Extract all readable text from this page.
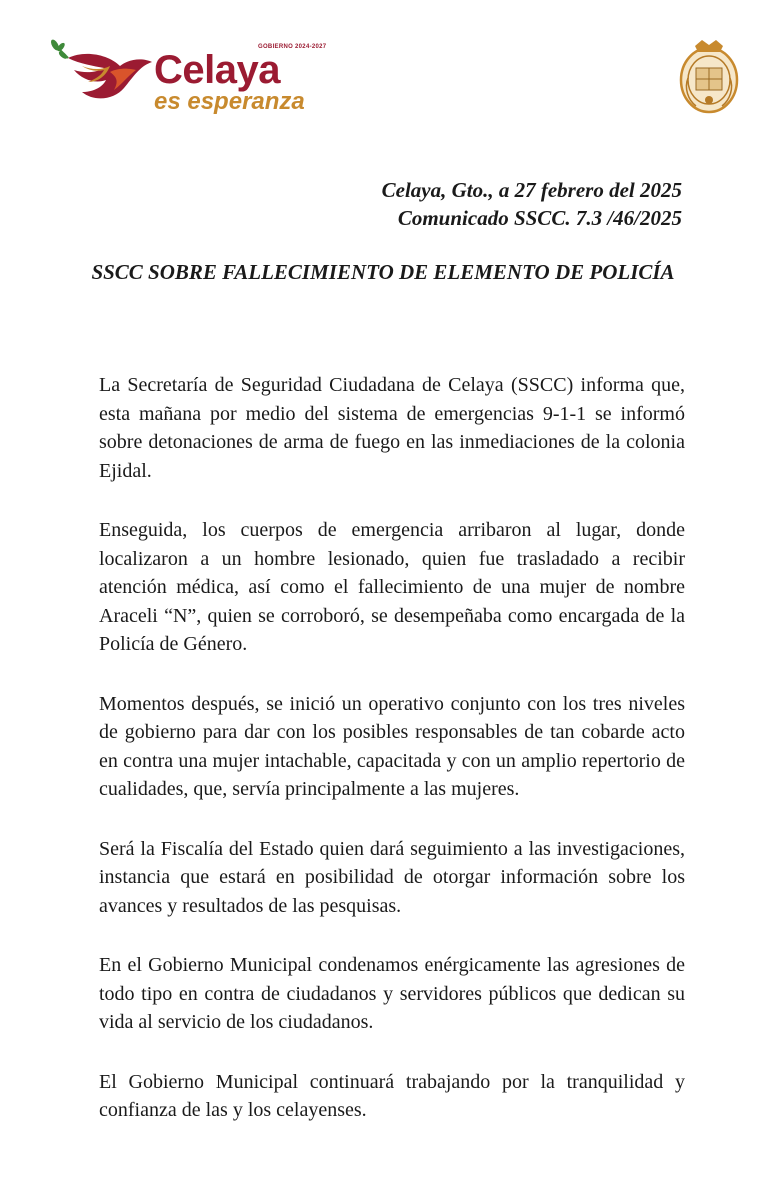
GOBIERNO 2024-2027
Celaya
es esperanza
Celaya, Gto., a 27 febrero del 2025
Comunicado SSCC. 7.3 /46/2025
SSCC SOBRE FALLECIMIENTO DE ELEMENTO DE POLICÍA

La Secretaría de Seguridad Ciudadana de Celaya (SSCC) informa que, esta mañana por medio del sistema de emergencias 9-1-1 se informó sobre detonaciones de arma de fuego en las inmediaciones de la colonia Ejidal.

Enseguida, los cuerpos de emergencia arribaron al lugar, donde localizaron a un hombre lesionado, quien fue trasladado a recibir atención médica, así como el fallecimiento de una mujer de nombre Araceli “N”, quien se corroboró, se desempeñaba como encargada de la Policía de Género.

Momentos después, se inició un operativo conjunto con los tres niveles de gobierno para dar con los posibles responsables de tan cobarde acto en contra una mujer intachable, capacitada y con un amplio repertorio de cualidades, que, servía principalmente a las mujeres.

Será la Fiscalía del Estado quien dará seguimiento a las investigaciones, instancia que estará en posibilidad de otorgar información sobre los avances y resultados de las pesquisas.

En el Gobierno Municipal condenamos enérgicamente las agresiones de todo tipo en contra de ciudadanos y servidores públicos que dedican su vida al servicio de los ciudadanos.

El Gobierno Municipal continuará trabajando por la tranquilidad y confianza de las y los celayenses.
